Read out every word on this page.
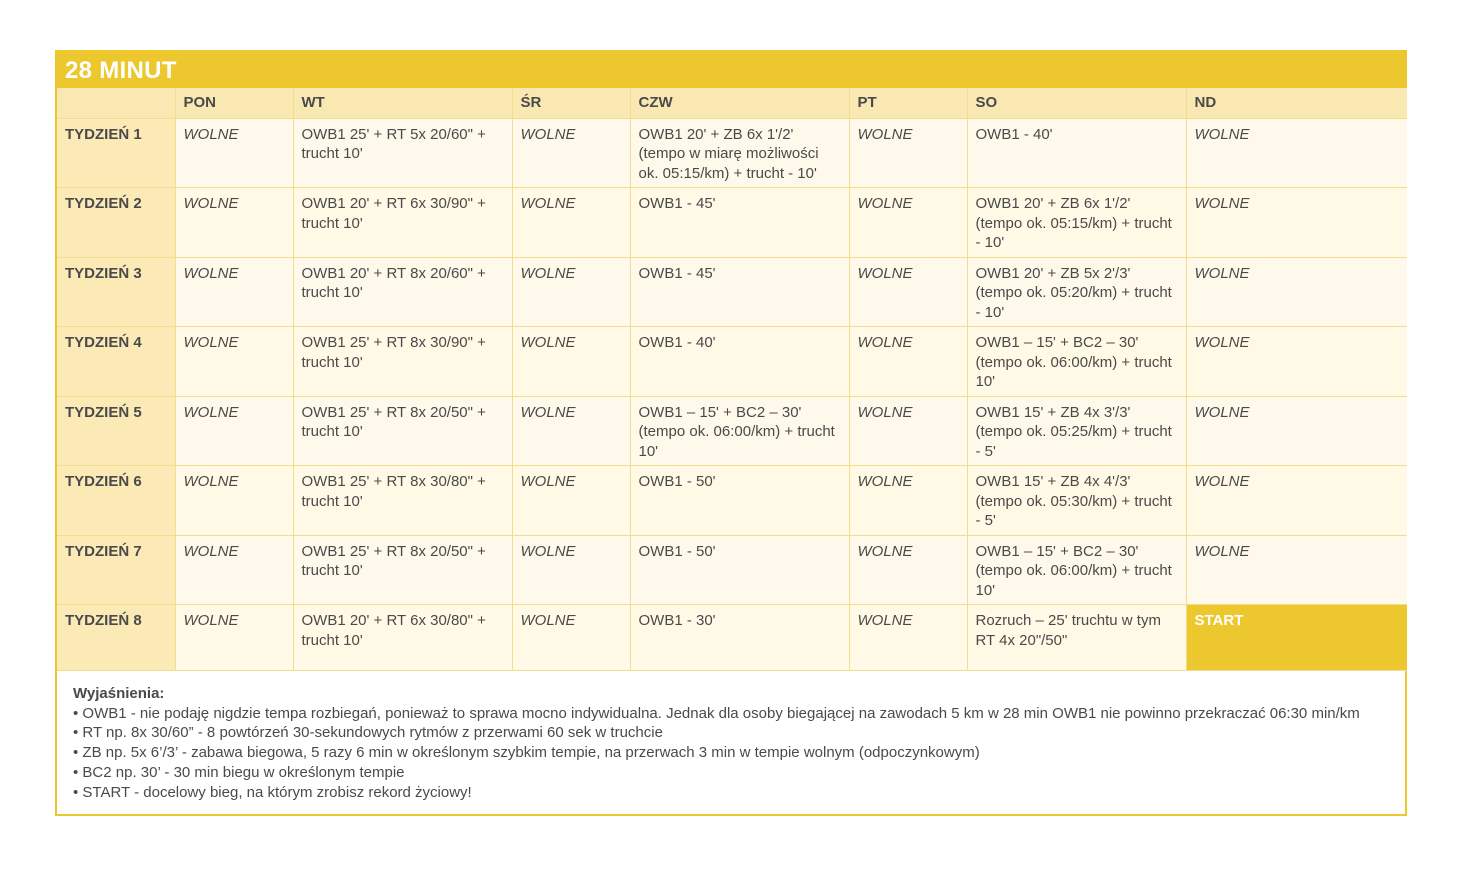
28 MINUT
	PON	WT	ŚR	CZW	PT	SO	ND
TYDZIEŃ 1	WOLNE	OWB1 25' + RT 5x 20/60" + trucht 10'	WOLNE	OWB1 20' + ZB 6x 1'/2' (tempo w miarę możliwości ok. 05:15/km) + trucht - 10'	WOLNE	OWB1 - 40'	WOLNE
TYDZIEŃ 2	WOLNE	OWB1 20' + RT 6x 30/90" + trucht 10'	WOLNE	OWB1 - 45'	WOLNE	OWB1 20' + ZB 6x 1'/2' (tempo ok. 05:15/km) + trucht - 10'	WOLNE
TYDZIEŃ 3	WOLNE	OWB1 20' + RT 8x 20/60" + trucht 10'	WOLNE	OWB1 - 45'	WOLNE	OWB1 20' + ZB 5x 2'/3' (tempo ok. 05:20/km) + trucht - 10'	WOLNE
TYDZIEŃ 4	WOLNE	OWB1 25' + RT 8x 30/90" + trucht 10'	WOLNE	OWB1 - 40'	WOLNE	OWB1 – 15' + BC2 – 30' (tempo ok. 06:00/km) + trucht 10'	WOLNE
TYDZIEŃ 5	WOLNE	OWB1 25' + RT 8x 20/50" + trucht 10'	WOLNE	OWB1 – 15' + BC2 – 30' (tempo ok. 06:00/km) + trucht 10'	WOLNE	OWB1 15' + ZB 4x 3'/3' (tempo ok. 05:25/km) + trucht - 5'	WOLNE
TYDZIEŃ 6	WOLNE	OWB1 25' + RT 8x 30/80" + trucht 10'	WOLNE	OWB1 - 50'	WOLNE	OWB1 15' + ZB 4x 4'/3' (tempo ok. 05:30/km) + trucht - 5'	WOLNE
TYDZIEŃ 7	WOLNE	OWB1 25' + RT 8x 20/50" + trucht 10'	WOLNE	OWB1 - 50'	WOLNE	OWB1 – 15' + BC2 – 30' (tempo ok. 06:00/km) + trucht 10'	WOLNE
TYDZIEŃ 8	WOLNE	OWB1 20' + RT 6x 30/80" + trucht 10'	WOLNE	OWB1 - 30'	WOLNE	Rozruch – 25' truchtu w tym RT 4x 20"/50"	START
Wyjaśnienia:
• OWB1 - nie podaję nigdzie tempa rozbiegań, ponieważ to sprawa mocno indywidualna. Jednak dla osoby biegającej na zawodach 5 km w 28 min OWB1 nie powinno przekraczać 06:30 min/km
• RT np. 8x 30/60” - 8 powtórzeń 30-sekundowych rytmów z przerwami 60 sek w truchcie
• ZB np. 5x 6’/3’ - zabawa biegowa, 5 razy 6 min w określonym szybkim tempie, na przerwach 3 min w tempie wolnym (odpoczynkowym)
• BC2 np. 30’ - 30 min biegu w określonym tempie
• START - docelowy bieg, na którym zrobisz rekord życiowy!
